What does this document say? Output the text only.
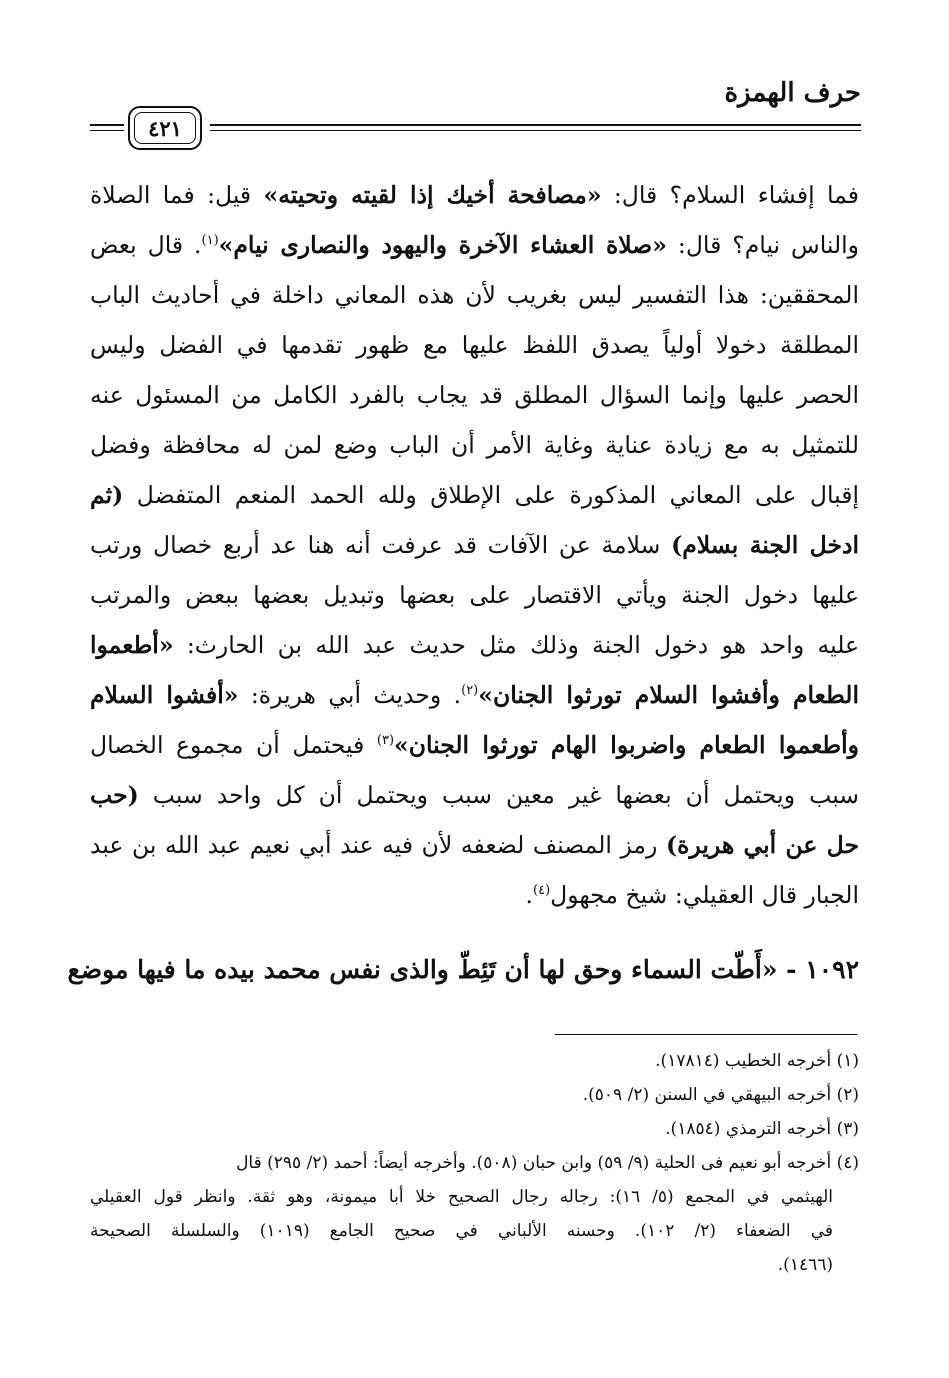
حرف الهمزة
٤٢١
فما إفشاء السلام؟ قال: «مصافحة أخيك إذا لقيته وتحيته» قيل: فما الصلاة
والناس نيام؟ قال: «صلاة العشاء الآخرة واليهود والنصارى نيام»$^{(١)}$. قال بعض
المحققين: هذا التفسير ليس بغريب لأن هذه المعاني داخلة في أحاديث الباب
المطلقة دخولا أولياً يصدق اللفظ عليها مع ظهور تقدمها في الفضل وليس
الحصر عليها وإنما السؤال المطلق قد يجاب بالفرد الكامل من المسئول عنه
للتمثيل به مع زيادة عناية وغاية الأمر أن الباب وضع لمن له محافظة وفضل
إقبال على المعاني المذكورة على الإطلاق ولله الحمد المنعم المتفضل (ثم
ادخل الجنة بسلام) سلامة عن الآفات قد عرفت أنه هنا عد أربع خصال ورتب
عليها دخول الجنة ويأتي الاقتصار على بعضها وتبديل بعضها ببعض والمرتب
عليه واحد هو دخول الجنة وذلك مثل حديث عبد الله بن الحارث: «أطعموا
الطعام وأفشوا السلام تورثوا الجنان»$^{(٢)}$. وحديث أبي هريرة: «أفشوا السلام
وأطعموا الطعام واضربوا الهام تورثوا الجنان»$^{(٣)}$ فيحتمل أن مجموع الخصال
سبب ويحتمل أن بعضها غير معين سبب ويحتمل أن كل واحد سبب (حب
حل عن أبي هريرة) رمز المصنف لضعفه لأن فيه عند أبي نعيم عبد الله بن عبد
الجبار قال العقيلي: شيخ مجهول$^{(٤)}$.
١٠٩٢ - «أَطّت السماء وحق لها أن تَئِطّ والذى نفس محمد بيده ما فيها موضع
(١) أخرجه الخطيب (١٧٨١٤).
(٢) أخرجه البيهقي في السنن (٢/ ٥٠٩).
(٣) أخرجه الترمذي (١٨٥٤).
(٤) أخرجه أبو نعيم فى الحلية (٩/ ٥٩) وابن حبان (٥٠٨). وأخرجه أيضاً: أحمد (٢/ ٢٩٥) قال
الهيثمي في المجمع (٥/ ١٦): رجاله رجال الصحيح خلا أبا ميمونة، وهو ثقة. وانظر قول العقيلي
في الضعفاء (٢/ ١٠٢). وحسنه الألباني في صحيح الجامع (١٠١٩) والسلسلة الصحيحة
(١٤٦٦).
